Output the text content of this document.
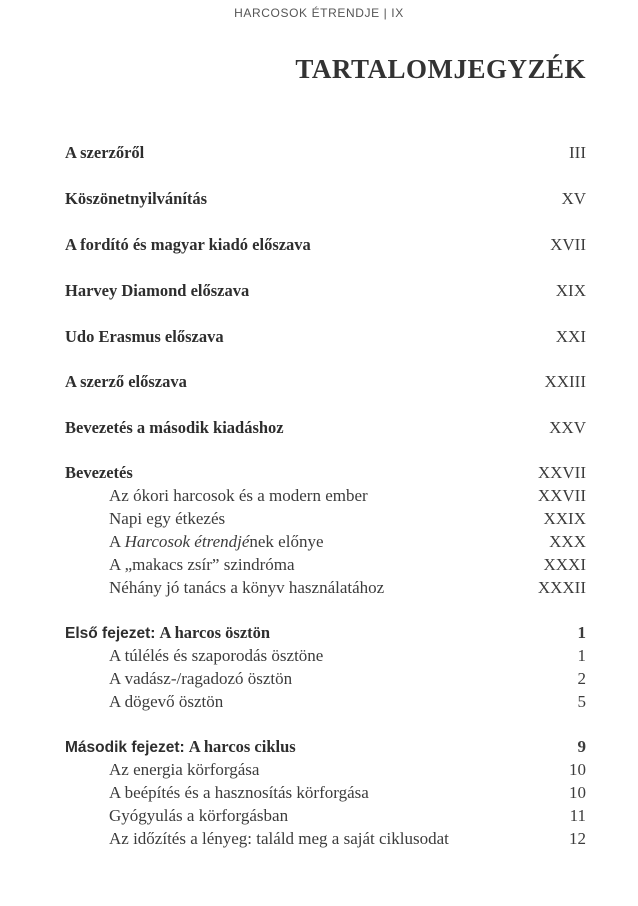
HARCOSOK ÉTRENDJE | IX
TARTALOMJEGYZÉK
A szerzőről	III
Köszönetnyilvánítás	XV
A fordító és magyar kiadó előszava	XVII
Harvey Diamond előszava	XIX
Udo Erasmus előszava	XXI
A szerző előszava	XXIII
Bevezetés a második kiadáshoz	XXV
Bevezetés	XXVII
Az ókori harcosok és a modern ember	XXVII
Napi egy étkezés	XXIX
A Harcosok étrendjének előnye	XXX
A „makacs zsír” szindróma	XXXI
Néhány jó tanács a könyv használatához	XXXII
Első fejezet: A harcos ösztön	1
A túlélés és szaporodás ösztöne	1
A vadász-/ragadozó ösztön	2
A dögevő ösztön	5
Második fejezet: A harcos ciklus	9
Az energia körforgása	10
A beépítés és a hasznosítás körforgása	10
Gyógyulás a körforgásban	11
Az időzítés a lényeg: találd meg a saját ciklusodat	12
